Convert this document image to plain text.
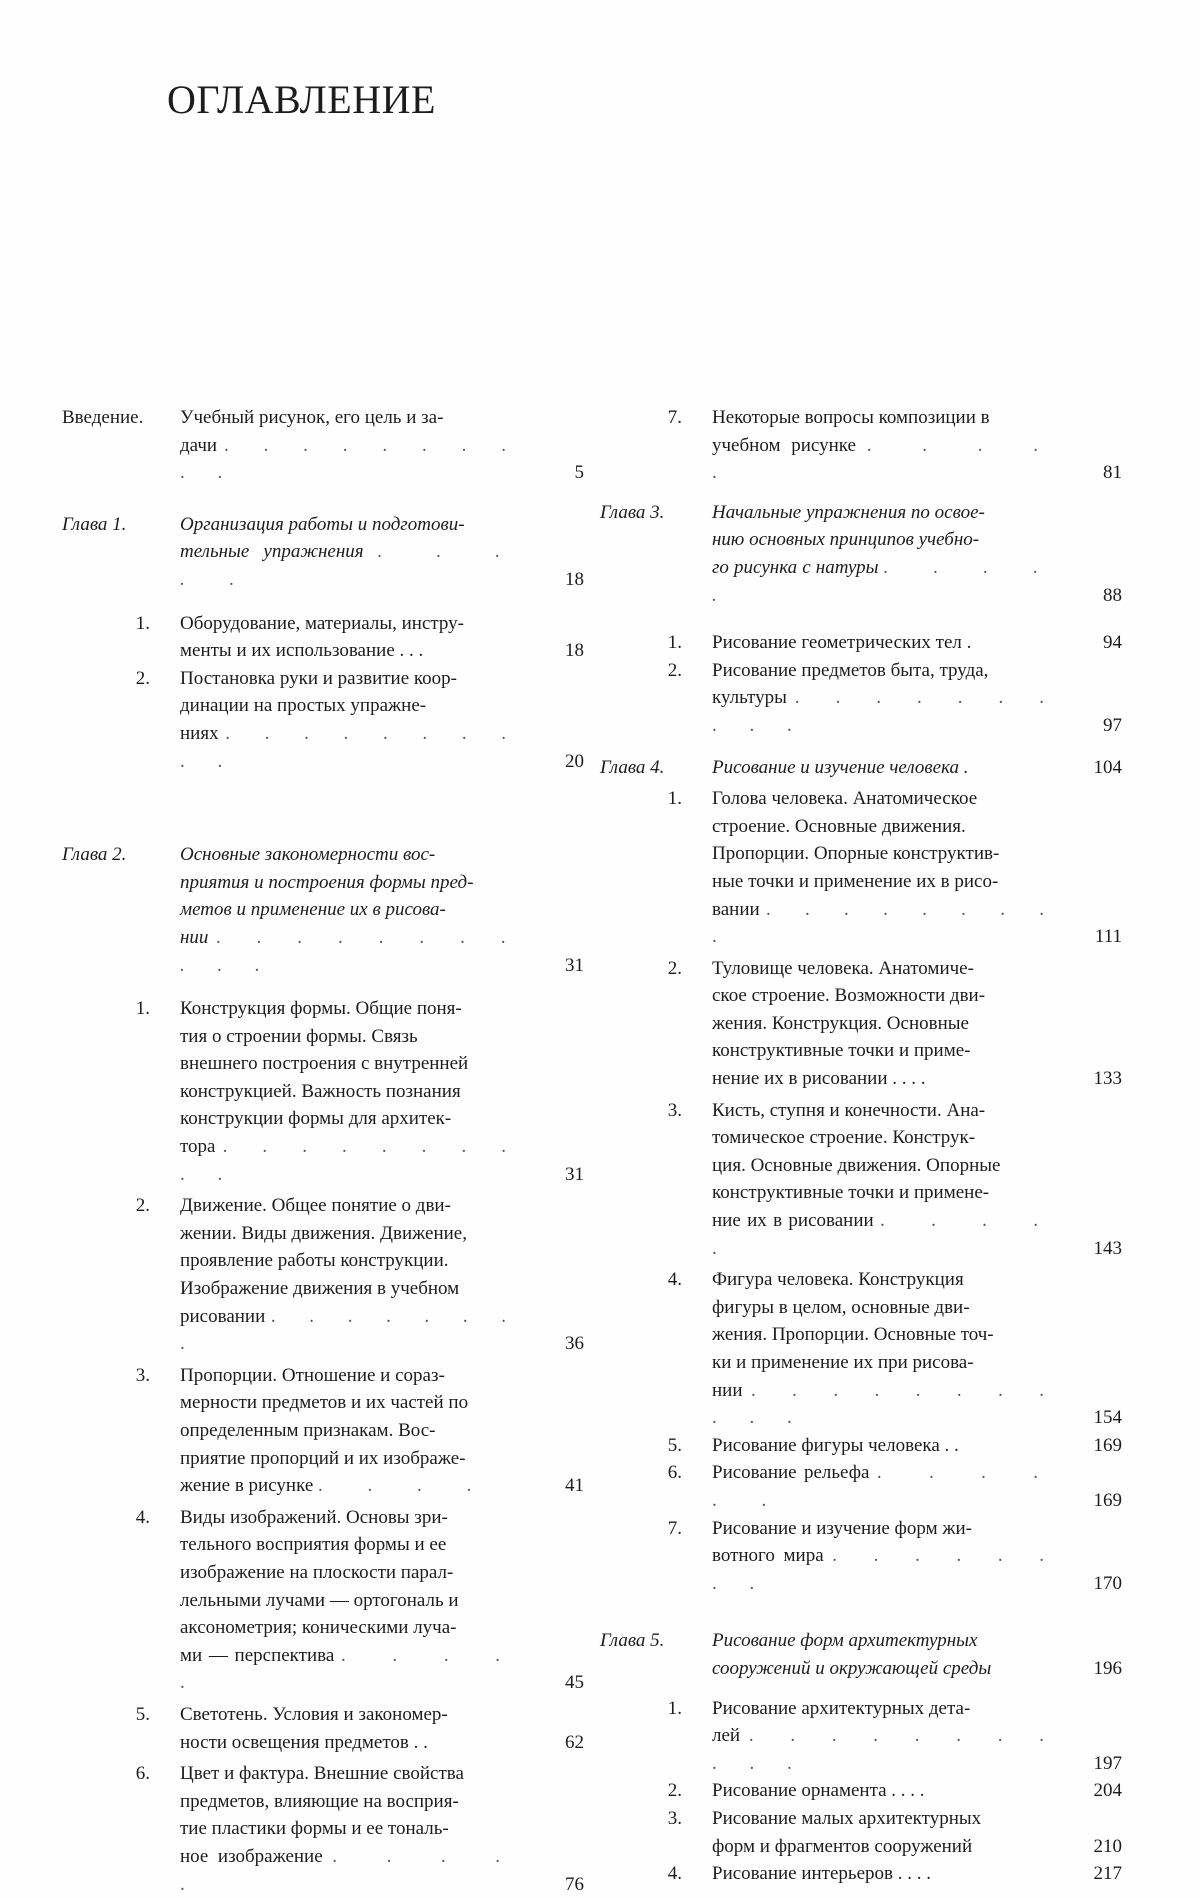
ОГЛАВЛЕНИЕ
Введение.	Учебный рисунок, его цель и за-
дачи . . . . . . . . . .	5
Глава 1.	Организация работы и подготови-
тельные упражнения . . . . .	18
1.	Оборудование, материалы, инстру-
менты и их использование . . .	18
2.	Постановка руки и развитие коор-
динации на простых упражне-
ниях . . . . . . . . . .	20
Глава 2.	Основные закономерности вос-
приятия и построения формы пред-
метов и применение их в рисова-
нии . . . . . . . . . . .	31
1.	Конструкция формы. Общие поня-
тия о строении формы. Связь
внешнего построения с внутренней
конструкцией. Важность познания
конструкции формы для архитек-
тора . . . . . . . . . .	31
2.	Движение. Общее понятие о дви-
жении. Виды движения. Движение,
проявление работы конструкции.
Изображение движения в учебном
рисовании . . . . . . . .	36
3.	Пропорции. Отношение и сораз-
мерности предметов и их частей по
определенным признакам. Вос-
приятие пропорций и их изображе-
жение в рисунке . . . .	41
4.	Виды изображений. Основы зри-
тельного восприятия формы и ее
изображение на плоскости парал-
лельными лучами — ортогональ и
аксонометрия; коническими луча-
ми — перспектива . . . . .	45
5.	Светотень. Условия и закономер-
ности освещения предметов . .	62
6.	Цвет и фактура. Внешние свойства
предметов, влияющие на восприя-
тие пластики формы и ее тональ-
ное изображение . . . . .	76
7.	Некоторые вопросы композиции в
учебном рисунке . . . . .	81
Глава 3.	Начальные упражнения по освое-
нию основных принципов учебно-
го рисунка с натуры . . . . .	88
1.	Рисование геометрических тел .	94
2.	Рисование предметов быта, труда,
культуры . . . . . . . . . .	97
Глава 4.	Рисование и изучение человека .	104
1.	Голова человека. Анатомическое
строение. Основные движения.
Пропорции. Опорные конструктив-
ные точки и применение их в рисо-
вании . . . . . . . . .	111
2.	Туловище человека. Анатомиче-
ское строение. Возможности дви-
жения. Конструкция. Основные
конструктивные точки и приме-
нение их в рисовании . . . .	133
3.	Кисть, ступня и конечности. Ана-
томическое строение. Конструк-
ция. Основные движения. Опорные
конструктивные точки и примене-
ние их в рисовании . . . . .	143
4.	Фигура человека. Конструкция
фигуры в целом, основные дви-
жения. Пропорции. Основные точ-
ки и применение их при рисова-
нии . . . . . . . . . . .	154
5.	Рисование фигуры человека . .	169
6.	Рисование рельефа . . . . . .	169
7.	Рисование и изучение форм жи-
вотного мира . . . . . . . .	170
Глава 5.	Рисование форм архитектурных
сооружений и окружающей среды	196
1.	Рисование архитектурных дета-
лей . . . . . . . . . . .	197
2.	Рисование орнамента . . . .	204
3.	Рисование малых архитектурных
форм и фрагментов сооружений	210
4.	Рисование интерьеров . . . .	217
